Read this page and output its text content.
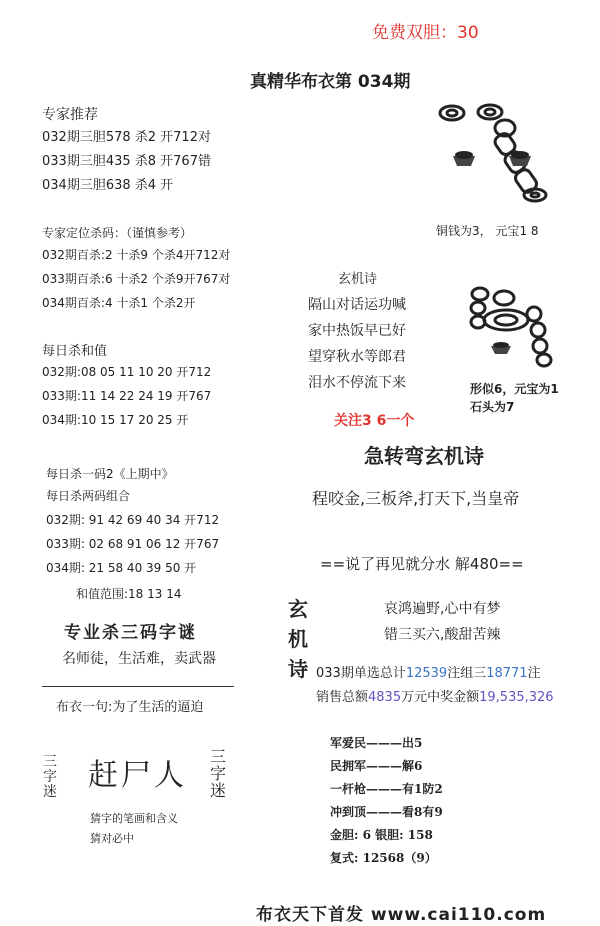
免费双胆：30
真精华布衣第 034期
专家推荐
032期三胆578 杀2 开712对
033期三胆435 杀8 开767错
034期三胆638 杀4 开
专家定位杀码：（谨慎参考）
032期百杀:2 十杀9 个杀4开712对
033期百杀:6 十杀2 个杀9开767对
034期百杀:4 十杀1 个杀2开
每日杀和值
032期:08 05 11 10 20 开712
033期:11 14 22 24 19 开767
034期:10 15 17 20 25 开
每日杀一码2《上期中》
每日杀两码组合
032期: 91 42 69 40 34 开712
033期: 02 68 91 06 12 开767
034期: 21 58 40 39 50 开
和值范围:18 13 14
专业杀三码字谜
名师徒，生活难，卖武器
布衣一句:为了生活的逼迫
三字迷 赶尸人
三字迷
猜字的笔画和含义
猜对必中
铜钱为3， 元宝1 8
玄机诗
隔山对话运功喊
家中热饭早已好
望穿秋水等郎君
泪水不停流下来	形似6，元宝为1
石头为7
关注3 6一个
急转弯玄机诗
程咬金,三板斧,打天下,当皇帝
==说了再见就分水 解480==
玄
机
诗
哀鸿遍野,心中有梦
错三买六,酸甜苦辣
033期单选总计12539注组三18771注
销售总额4835万元中奖金额19,535,326
军爱民———出5
民拥军———解6
一杆枪———有1防2
冲到顶———看8有9
金胆: 6 银胆: 158
复式: 12568（9）
布衣天下首发 www.cai110.com
